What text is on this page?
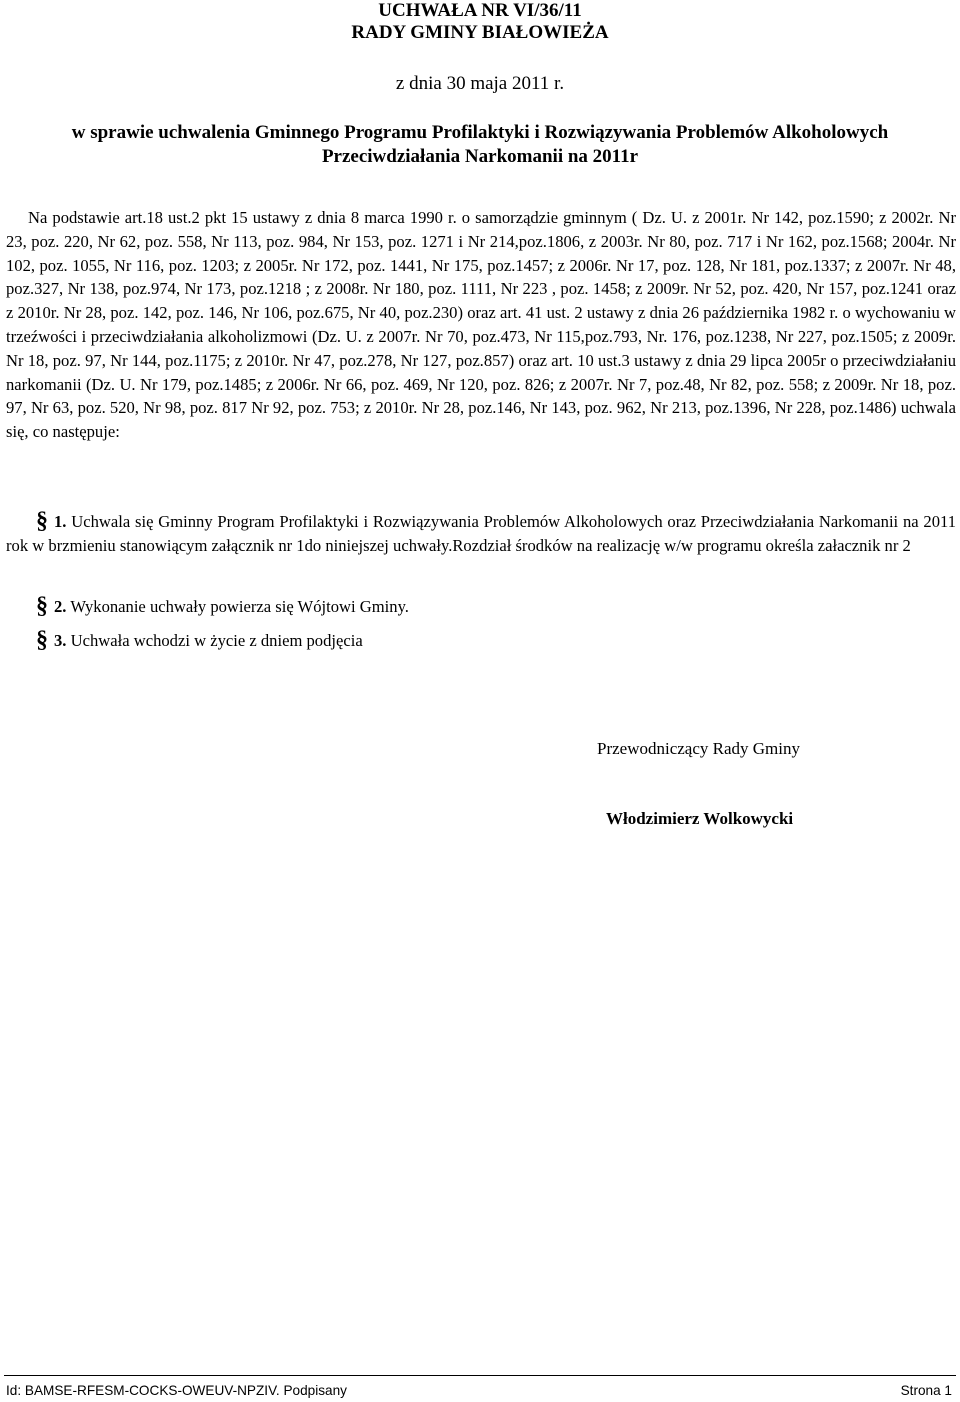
UCHWAŁA NR VI/36/11
RADY GMINY BIAŁOWIEŻA
z dnia 30 maja 2011 r.
w sprawie uchwalenia Gminnego Programu Profilaktyki i Rozwiązywania Problemów Alkoholowych
Przeciwdziałania Narkomanii na 2011r
Na podstawie art.18 ust.2 pkt 15 ustawy z dnia 8 marca 1990 r. o samorządzie gminnym ( Dz. U. z 2001r. Nr 142, poz.1590; z 2002r. Nr 23, poz. 220, Nr 62, poz. 558, Nr 113, poz. 984, Nr 153, poz. 1271 i Nr 214,poz.1806, z 2003r. Nr 80, poz. 717 i Nr 162, poz.1568; 2004r. Nr 102, poz. 1055, Nr 116, poz. 1203; z 2005r. Nr 172, poz. 1441, Nr 175, poz.1457; z 2006r. Nr 17, poz. 128, Nr 181, poz.1337; z 2007r. Nr 48, poz.327, Nr 138, poz.974, Nr 173, poz.1218 ; z 2008r. Nr 180, poz. 1111, Nr 223 , poz. 1458; z 2009r. Nr 52, poz. 420, Nr 157, poz.1241 oraz z 2010r. Nr 28, poz. 142, poz. 146, Nr 106, poz.675, Nr 40, poz.230) oraz art. 41 ust. 2 ustawy z dnia 26 października 1982 r. o wychowaniu w trzeźwości i przeciwdziałania alkoholizmowi (Dz. U. z 2007r. Nr 70, poz.473, Nr 115,poz.793, Nr. 176, poz.1238, Nr 227, poz.1505; z 2009r. Nr 18, poz. 97, Nr 144, poz.1175; z 2010r. Nr 47, poz.278, Nr 127, poz.857) oraz art. 10 ust.3 ustawy z dnia 29 lipca 2005r o przeciwdziałaniu narkomanii (Dz. U. Nr 179, poz.1485; z 2006r. Nr 66, poz. 469, Nr 120, poz. 826; z 2007r. Nr 7, poz.48, Nr 82, poz. 558; z 2009r. Nr 18, poz. 97, Nr 63, poz. 520, Nr 98, poz. 817 Nr 92, poz. 753; z 2010r. Nr 28, poz.146, Nr 143, poz. 962, Nr 213, poz.1396, Nr 228, poz.1486) uchwala się, co następuje:
§ 1. Uchwala się Gminny Program Profilaktyki i Rozwiązywania Problemów Alkoholowych oraz Przeciwdziałania Narkomanii na 2011 rok w brzmieniu stanowiącym załącznik nr 1do niniejszej uchwały.Rozdział środków na realizację w/w programu określa załacznik nr 2
§ 2. Wykonanie uchwały powierza się Wójtowi Gminy.
§ 3. Uchwała wchodzi w życie z dniem podjęcia
Przewodniczący Rady Gminy
Włodzimierz Wolkowycki
Id: BAMSE-RFESM-COCKS-OWEUV-NPZIV. Podpisany	Strona 1
